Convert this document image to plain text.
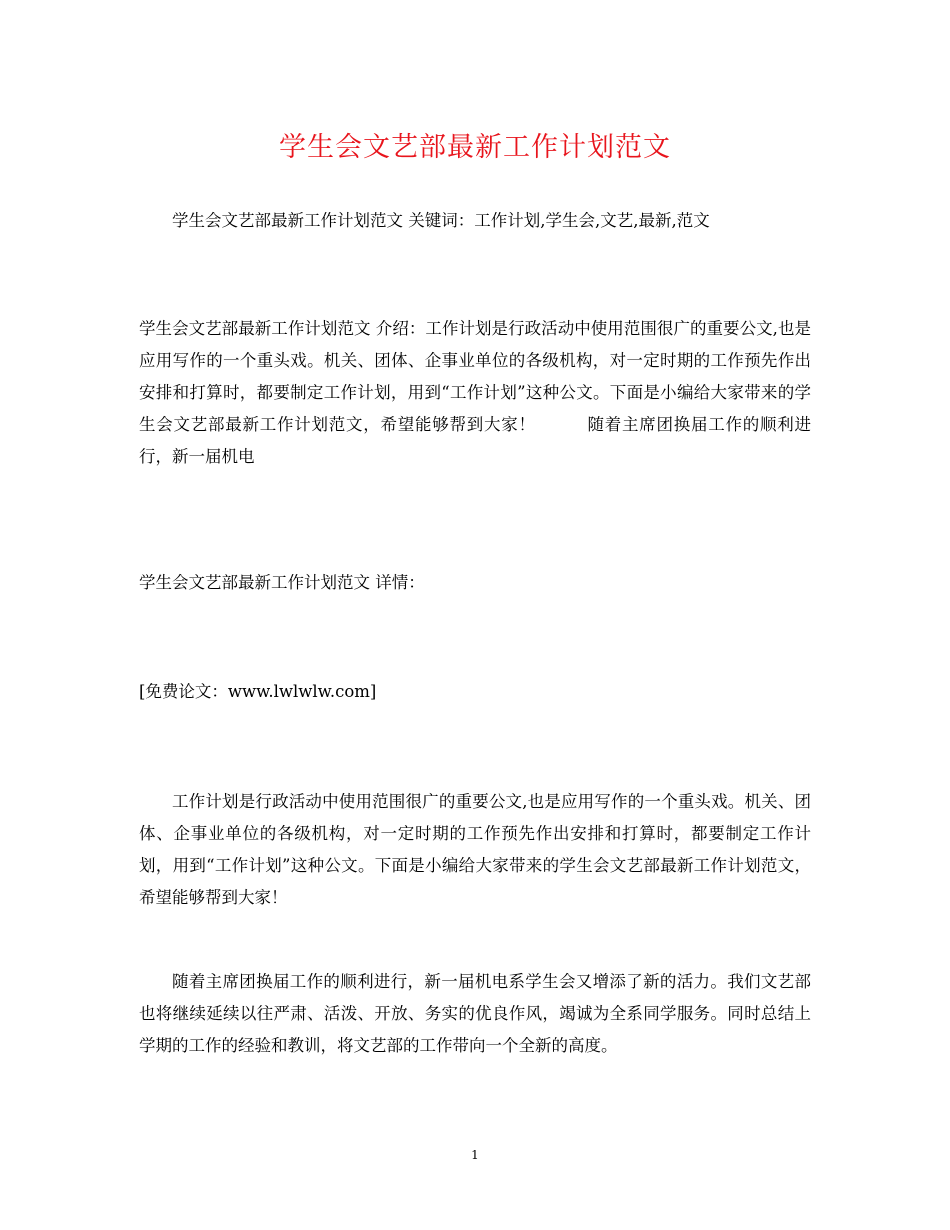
学生会文艺部最新工作计划范文

学生会文艺部最新工作计划范文 关键词：工作计划,学生会,文艺,最新,范文

学生会文艺部最新工作计划范文 介绍：工作计划是行政活动中使用范围很广的重要公文,也是应用写作的一个重头戏。机关、团体、企事业单位的各级机构，对一定时期的工作预先作出安排和打算时，都要制定工作计划，用到“工作计划”这种公文。下面是小编给大家带来的学生会文艺部最新工作计划范文，希望能够帮到大家！　　　随着主席团换届工作的顺利进行，新一届机电

学生会文艺部最新工作计划范文 详情：

[免费论文：www.lwlwlw.com]

工作计划是行政活动中使用范围很广的重要公文,也是应用写作的一个重头戏。机关、团体、企事业单位的各级机构，对一定时期的工作预先作出安排和打算时，都要制定工作计划，用到“工作计划”这种公文。下面是小编给大家带来的学生会文艺部最新工作计划范文，希望能够帮到大家！

随着主席团换届工作的顺利进行，新一届机电系学生会又增添了新的活力。我们文艺部也将继续延续以往严肃、活泼、开放、务实的优良作风，竭诚为全系同学服务。同时总结上学期的工作的经验和教训，将文艺部的工作带向一个全新的高度。

1
